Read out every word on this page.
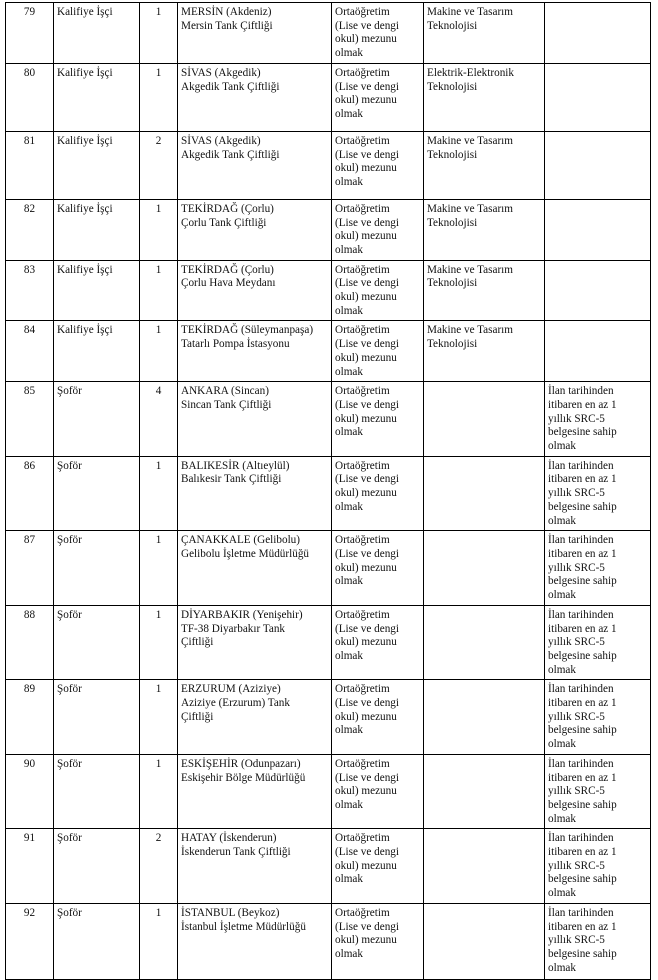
79	Kalifiye İşçi	1	MERSİN (Akdeniz)
Mersin Tank Çiftliği	Ortaöğretim
(Lise ve dengi
okul) mezunu
olmak	Makine ve Tasarım
Teknolojisi	
80	Kalifiye İşçi	1	SİVAS (Akgedik)
Akgedik Tank Çiftliği	Ortaöğretim
(Lise ve dengi
okul) mezunu
olmak	Elektrik-Elektronik
Teknolojisi	
81	Kalifiye İşçi	2	SİVAS (Akgedik)
Akgedik Tank Çiftliği	Ortaöğretim
(Lise ve dengi
okul) mezunu
olmak	Makine ve Tasarım
Teknolojisi	
82	Kalifiye İşçi	1	TEKİRDAĞ (Çorlu)
Çorlu Tank Çiftliği	Ortaöğretim
(Lise ve dengi
okul) mezunu
olmak	Makine ve Tasarım
Teknolojisi	
83	Kalifiye İşçi	1	TEKİRDAĞ (Çorlu)
Çorlu Hava Meydanı	Ortaöğretim
(Lise ve dengi
okul) mezunu
olmak	Makine ve Tasarım
Teknolojisi	
84	Kalifiye İşçi	1	TEKİRDAĞ (Süleymanpaşa)
Tatarlı Pompa İstasyonu	Ortaöğretim
(Lise ve dengi
okul) mezunu
olmak	Makine ve Tasarım
Teknolojisi	
85	Şoför	4	ANKARA (Sincan)
Sincan Tank Çiftliği	Ortaöğretim
(Lise ve dengi
okul) mezunu
olmak		İlan tarihinden
itibaren en az 1
yıllık SRC-5
belgesine sahip
olmak
86	Şoför	1	BALIKESİR (Altıeylül)
Balıkesir Tank Çiftliği	Ortaöğretim
(Lise ve dengi
okul) mezunu
olmak		İlan tarihinden
itibaren en az 1
yıllık SRC-5
belgesine sahip
olmak
87	Şoför	1	ÇANAKKALE (Gelibolu)
Gelibolu İşletme Müdürlüğü	Ortaöğretim
(Lise ve dengi
okul) mezunu
olmak		İlan tarihinden
itibaren en az 1
yıllık SRC-5
belgesine sahip
olmak
88	Şoför	1	DİYARBAKIR (Yenişehir)
TF-38 Diyarbakır Tank
Çiftliği	Ortaöğretim
(Lise ve dengi
okul) mezunu
olmak		İlan tarihinden
itibaren en az 1
yıllık SRC-5
belgesine sahip
olmak
89	Şoför	1	ERZURUM (Aziziye)
Aziziye (Erzurum) Tank
Çiftliği	Ortaöğretim
(Lise ve dengi
okul) mezunu
olmak		İlan tarihinden
itibaren en az 1
yıllık SRC-5
belgesine sahip
olmak
90	Şoför	1	ESKİŞEHİR (Odunpazarı)
Eskişehir Bölge Müdürlüğü	Ortaöğretim
(Lise ve dengi
okul) mezunu
olmak		İlan tarihinden
itibaren en az 1
yıllık SRC-5
belgesine sahip
olmak
91	Şoför	2	HATAY (İskenderun)
İskenderun Tank Çiftliği	Ortaöğretim
(Lise ve dengi
okul) mezunu
olmak		İlan tarihinden
itibaren en az 1
yıllık SRC-5
belgesine sahip
olmak
92	Şoför	1	İSTANBUL (Beykoz)
İstanbul İşletme Müdürlüğü	Ortaöğretim
(Lise ve dengi
okul) mezunu
olmak		İlan tarihinden
itibaren en az 1
yıllık SRC-5
belgesine sahip
olmak
